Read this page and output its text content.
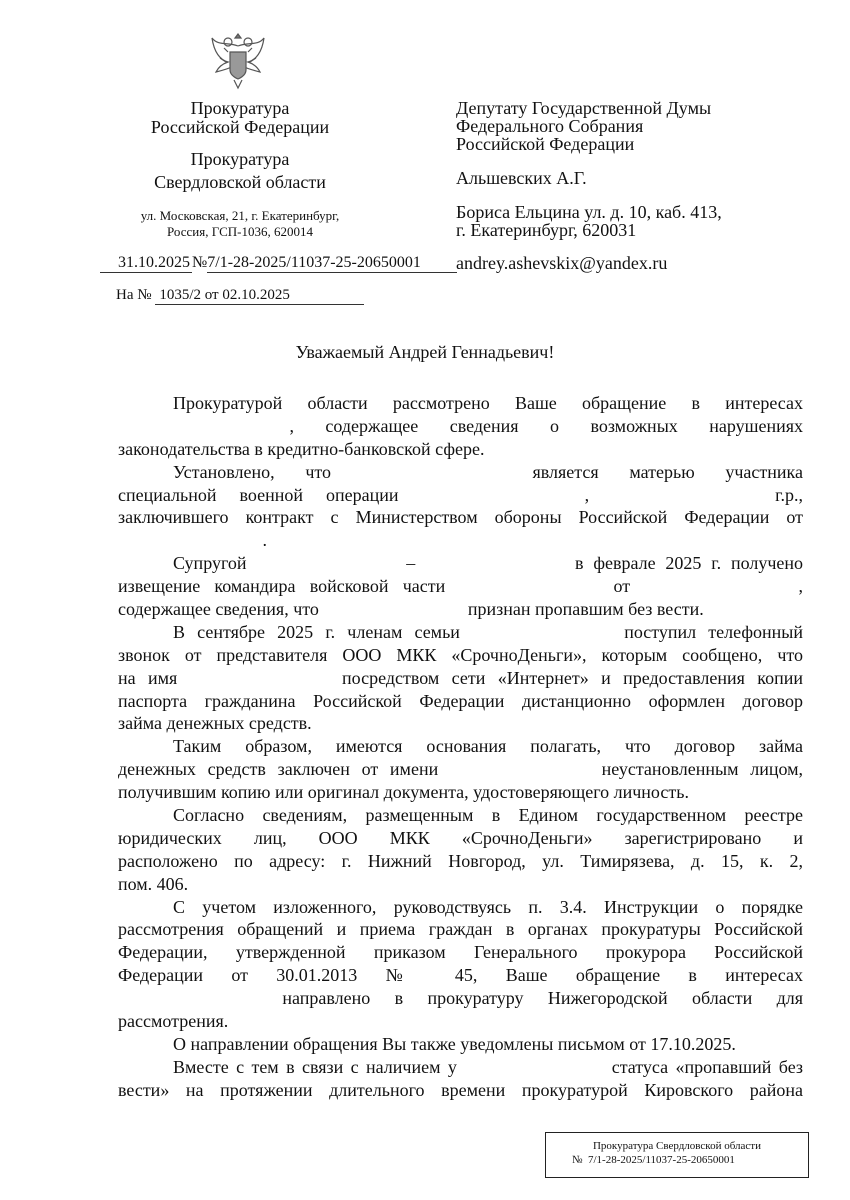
Прокуратура
Российской Федерации
Прокуратура
Свердловской области
ул. Московская, 21, г. Екатеринбург,
Россия, ГСП-1036, 620014
31.10.2025 №7/1-28-2025/11037-25-20650001
На № 1035/2 от 02.10.2025
Депутату Государственной Думы
Федерального Собрания
Российской Федерации
Альшевских А.Г.
Бориса Ельцина ул. д. 10, каб. 413,
г. Екатеринбург, 620031
andrey.ashevskix@yandex.ru
Уважаемый Андрей Геннадьевич!
Прокуратурой области рассмотрено Ваше обращение в интересах
, содержащее сведения о возможных нарушениях
законодательства в кредитно-банковской сфере.
Установлено, что	является матерью участника
специальной военной операции	,	г.р.,
заключившего контракт с Министерством обороны Российской Федерации от
.
Супругой	–	в феврале 2025 г. получено
извещение командира войсковой части	от	,
содержащее сведения, что	признан пропавшим без вести.
В сентябре 2025 г. членам семьи	поступил телефонный
звонок от представителя ООО МКК «СрочноДеньги», которым сообщено, что
на имя	посредством сети «Интернет» и предоставления копии
паспорта гражданина Российской Федерации дистанционно оформлен договор
займа денежных средств.
Таким образом, имеются основания полагать, что договор займа
денежных средств заключен от имени	неустановленным лицом,
получившим копию или оригинал документа, удостоверяющего личность.
Согласно сведениям, размещенным в Едином государственном реестре
юридических лиц, ООО МКК «СрочноДеньги» зарегистрировано и
расположено по адресу: г. Нижний Новгород, ул. Тимирязева, д. 15, к. 2,
пом. 406.
С учетом изложенного, руководствуясь п. 3.4. Инструкции о порядке
рассмотрения обращений и приема граждан в органах прокуратуры Российской
Федерации, утвержденной приказом Генерального прокурора Российской
Федерации от 30.01.2013 № 45, Ваше обращение в интересах
направлено в прокуратуру Нижегородской области для
рассмотрения.
О направлении обращения Вы также уведомлены письмом от 17.10.2025.
Вместе с тем в связи с наличием у	статуса «пропавший без
вести» на протяжении длительного времени прокуратурой Кировского района
Прокуратура Свердловской области
№ 7/1-28-2025/11037-25-20650001
